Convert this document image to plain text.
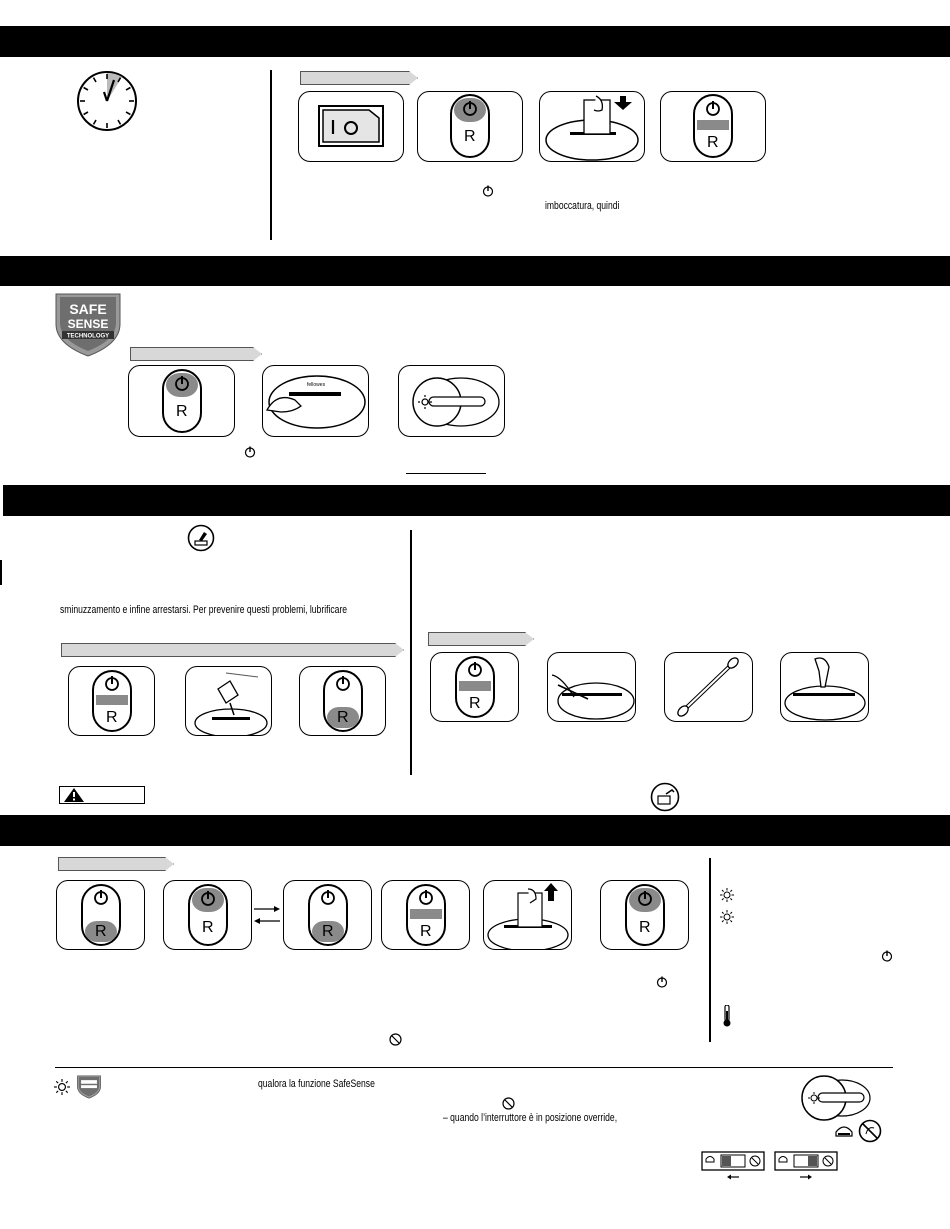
R	R
imboccatura, quindi
SAFE
SENSE
TECHNOLOGY
R
fellowes
sminuzzamento e infine arrestarsi. Per prevenire questi problemi, lubrificare
R	R
R
R	R	R	R	R
qualora la funzione SafeSense
– quando l’interruttore è in posizione override,
